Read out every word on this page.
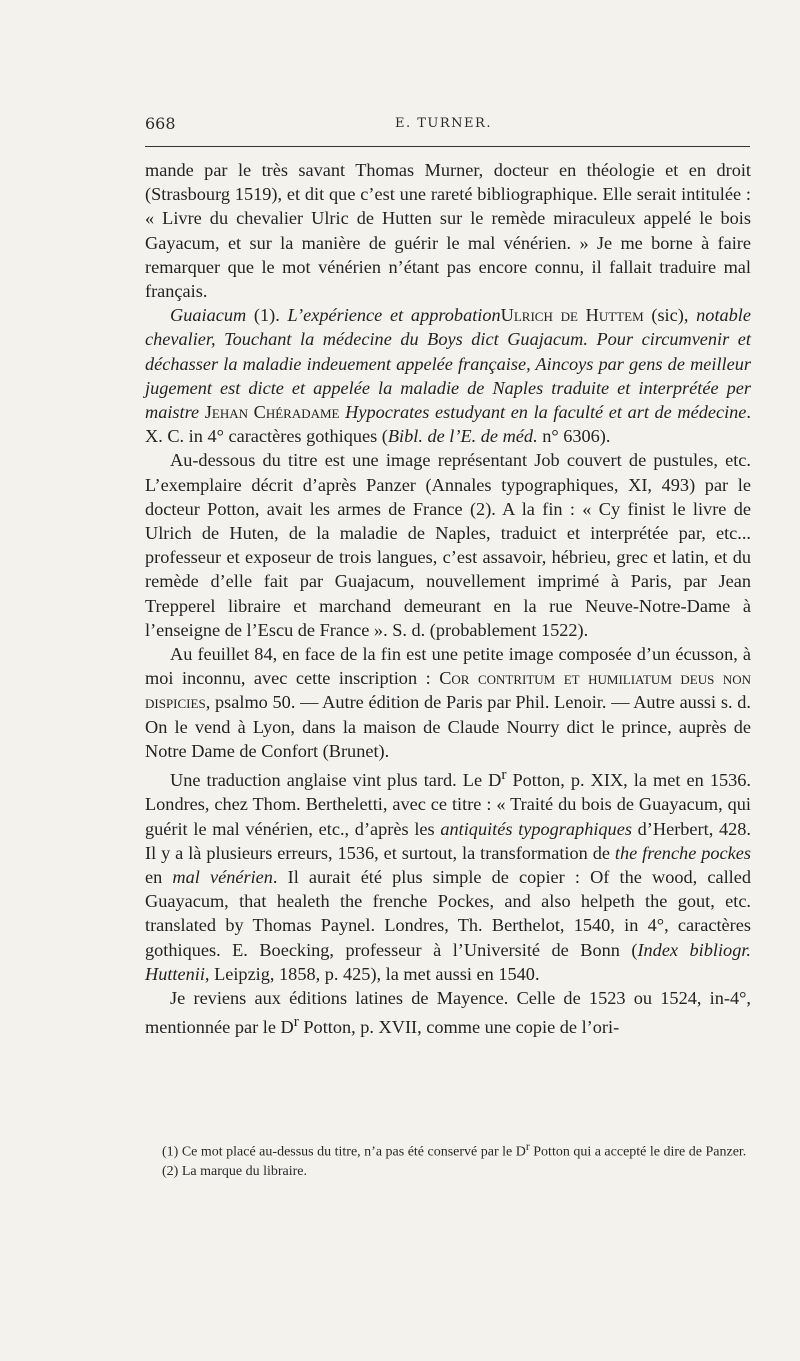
668	E. TURNER.

mande par le très savant Thomas Murner, docteur en théologie et en droit (Strasbourg 1519), et dit que c’est une rareté bibliographique. Elle serait intitulée : « Livre du chevalier Ulric de Hutten sur le remède miraculeux appelé le bois Gayacum, et sur la manière de guérir le mal vénérien. » Je me borne à faire remarquer que le mot vénérien n’étant pas encore connu, il fallait traduire mal français.

Guaiacum (1). L’expérience et approbationUlrich de Huttem (sic), notable chevalier, Touchant la médecine du Boys dict Guajacum. Pour circumvenir et déchasser la maladie indeuement appelée française, Aincoys par gens de meilleur jugement est dicte et appelée la maladie de Naples traduite et interprétée per maistre Jehan Chéradame Hypocrates estudyant en la faculté et art de médecine. X. C. in 4° caractères gothiques (Bibl. de l’E. de méd. n° 6306).

Au-dessous du titre est une image représentant Job couvert de pustules, etc. L’exemplaire décrit d’après Panzer (Annales typographiques, XI, 493) par le docteur Potton, avait les armes de France (2). A la fin : « Cy finist le livre de Ulrich de Huten, de la maladie de Naples, traduict et interprétée par, etc... professeur et exposeur de trois langues, c’est assavoir, hébrieu, grec et latin, et du remède d’elle fait par Guajacum, nouvellement imprimé à Paris, par Jean Trepperel libraire et marchand demeurant en la rue Neuve-Notre-Dame à l’enseigne de l’Escu de France ». S. d. (probablement 1522).

Au feuillet 84, en face de la fin est une petite image composée d’un écusson, à moi inconnu, avec cette inscription : Cor contritum et humiliatum deus non dispicies, psalmo 50. — Autre édition de Paris par Phil. Lenoir. — Autre aussi s. d. On le vend à Lyon, dans la maison de Claude Nourry dict le prince, auprès de Notre Dame de Confort (Brunet).

Une traduction anglaise vint plus tard. Le $D^r$ Potton, p. XIX, la met en 1536. Londres, chez Thom. Bertheletti, avec ce titre : « Traité du bois de Guayacum, qui guérit le mal vénérien, etc., d’après les antiquités typographiques d’Herbert, 428. Il y a là plusieurs erreurs, 1536, et surtout, la transformation de the frenche pockes en mal vénérien. Il aurait été plus simple de copier : Of the wood, called Guayacum, that healeth the frenche Pockes, and also helpeth the gout, etc. translated by Thomas Paynel. Londres, Th. Berthelot, 1540, in 4°, caractères gothiques. E. Boecking, professeur à l’Université de Bonn (Index bibliogr. Huttenii, Leipzig, 1858, p. 425), la met aussi en 1540.

Je reviens aux éditions latines de Mayence. Celle de 1523 ou 1524, in-4°, mentionnée par le $D^r$ Potton, p. XVII, comme une copie de l’ori-

(1) Ce mot placé au-dessus du titre, n’a pas été conservé par le $D^r$ Potton qui a accepté le dire de Panzer.

(2) La marque du libraire.
